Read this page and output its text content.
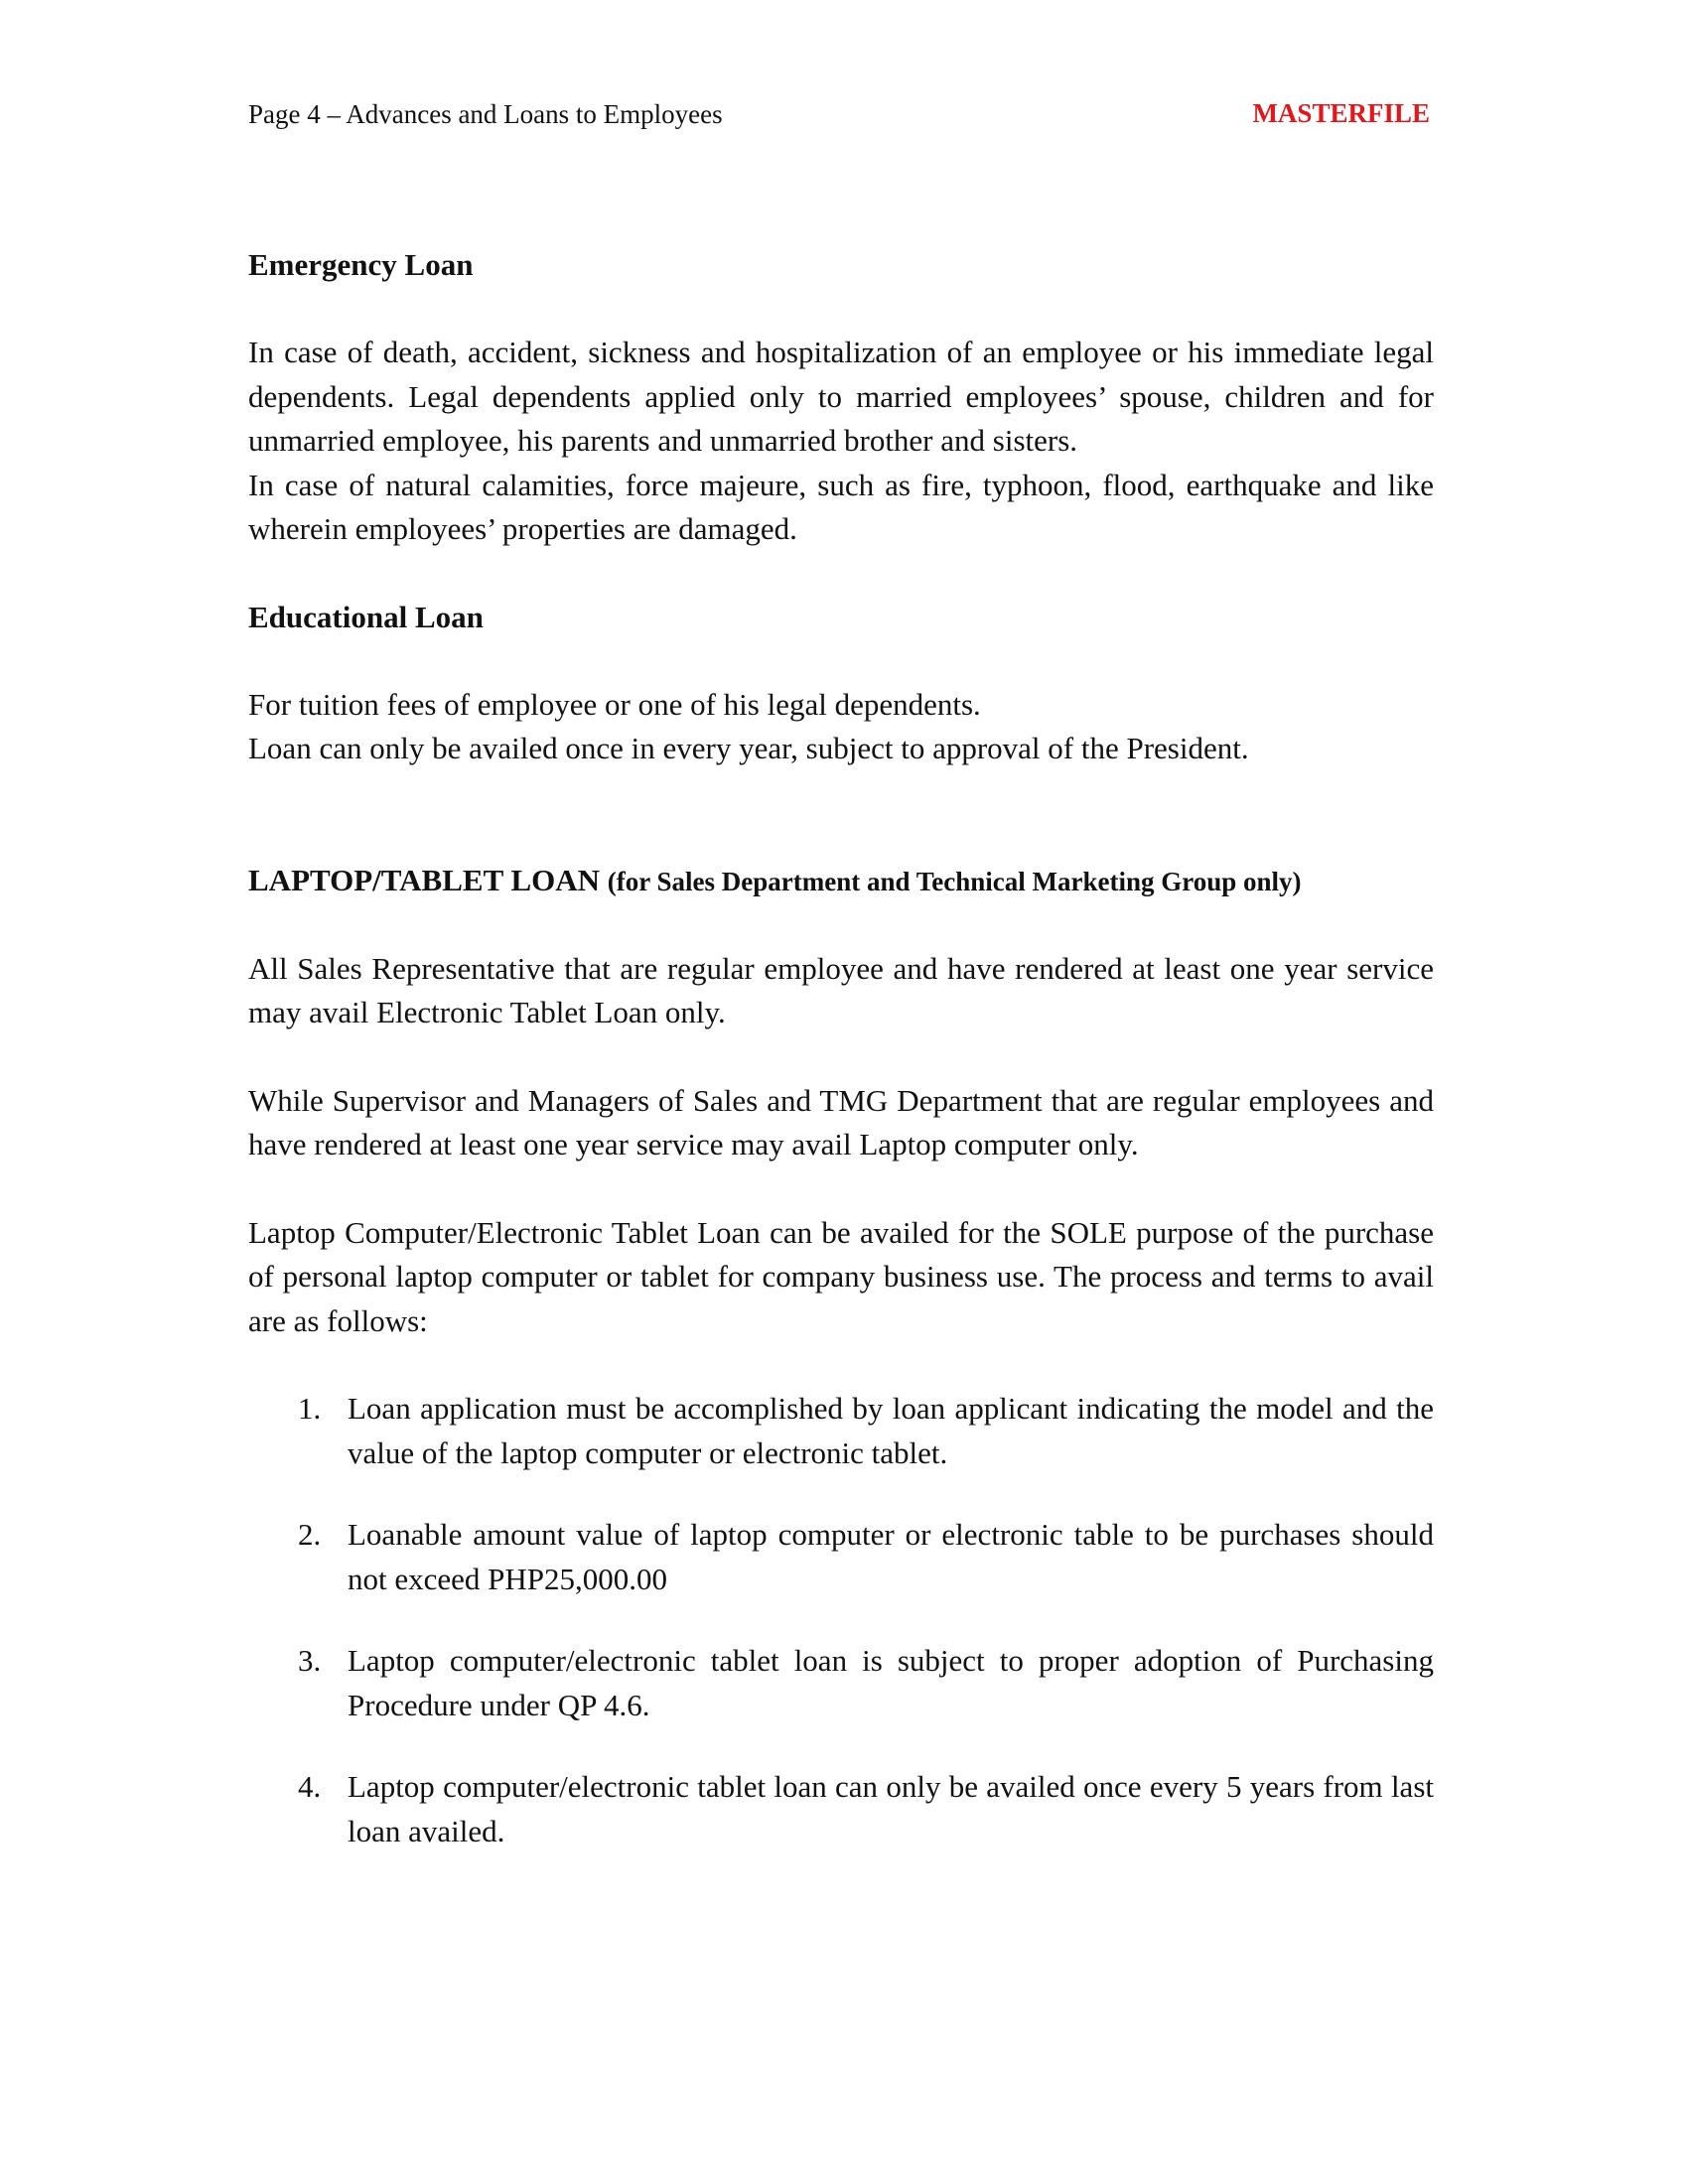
Page 4 – Advances and Loans to Employees	MASTERFILE
Emergency Loan

In case of death, accident, sickness and hospitalization of an employee or his immediate legal dependents. Legal dependents applied only to married employees’ spouse, children and for unmarried employee, his parents and unmarried brother and sisters.

In case of natural calamities, force majeure, such as fire, typhoon, flood, earthquake and like wherein employees’ properties are damaged.

Educational Loan

For tuition fees of employee or one of his legal dependents.

Loan can only be availed once in every year, subject to approval of the President.

LAPTOP/TABLET LOAN (for Sales Department and Technical Marketing Group only)

All Sales Representative that are regular employee and have rendered at least one year service may avail Electronic Tablet Loan only.

While Supervisor and Managers of Sales and TMG Department that are regular employees and have rendered at least one year service may avail Laptop computer only.

Laptop Computer/Electronic Tablet Loan can be availed for the SOLE purpose of the purchase of personal laptop computer or tablet for company business use. The process and terms to avail are as follows:

1. Loan application must be accomplished by loan applicant indicating the model and the value of the laptop computer or electronic tablet.
2. Loanable amount value of laptop computer or electronic table to be purchases should not exceed PHP25,000.00
3. Laptop computer/electronic tablet loan is subject to proper adoption of Purchasing Procedure under QP 4.6.
4. Laptop computer/electronic tablet loan can only be availed once every 5 years from last loan availed.
